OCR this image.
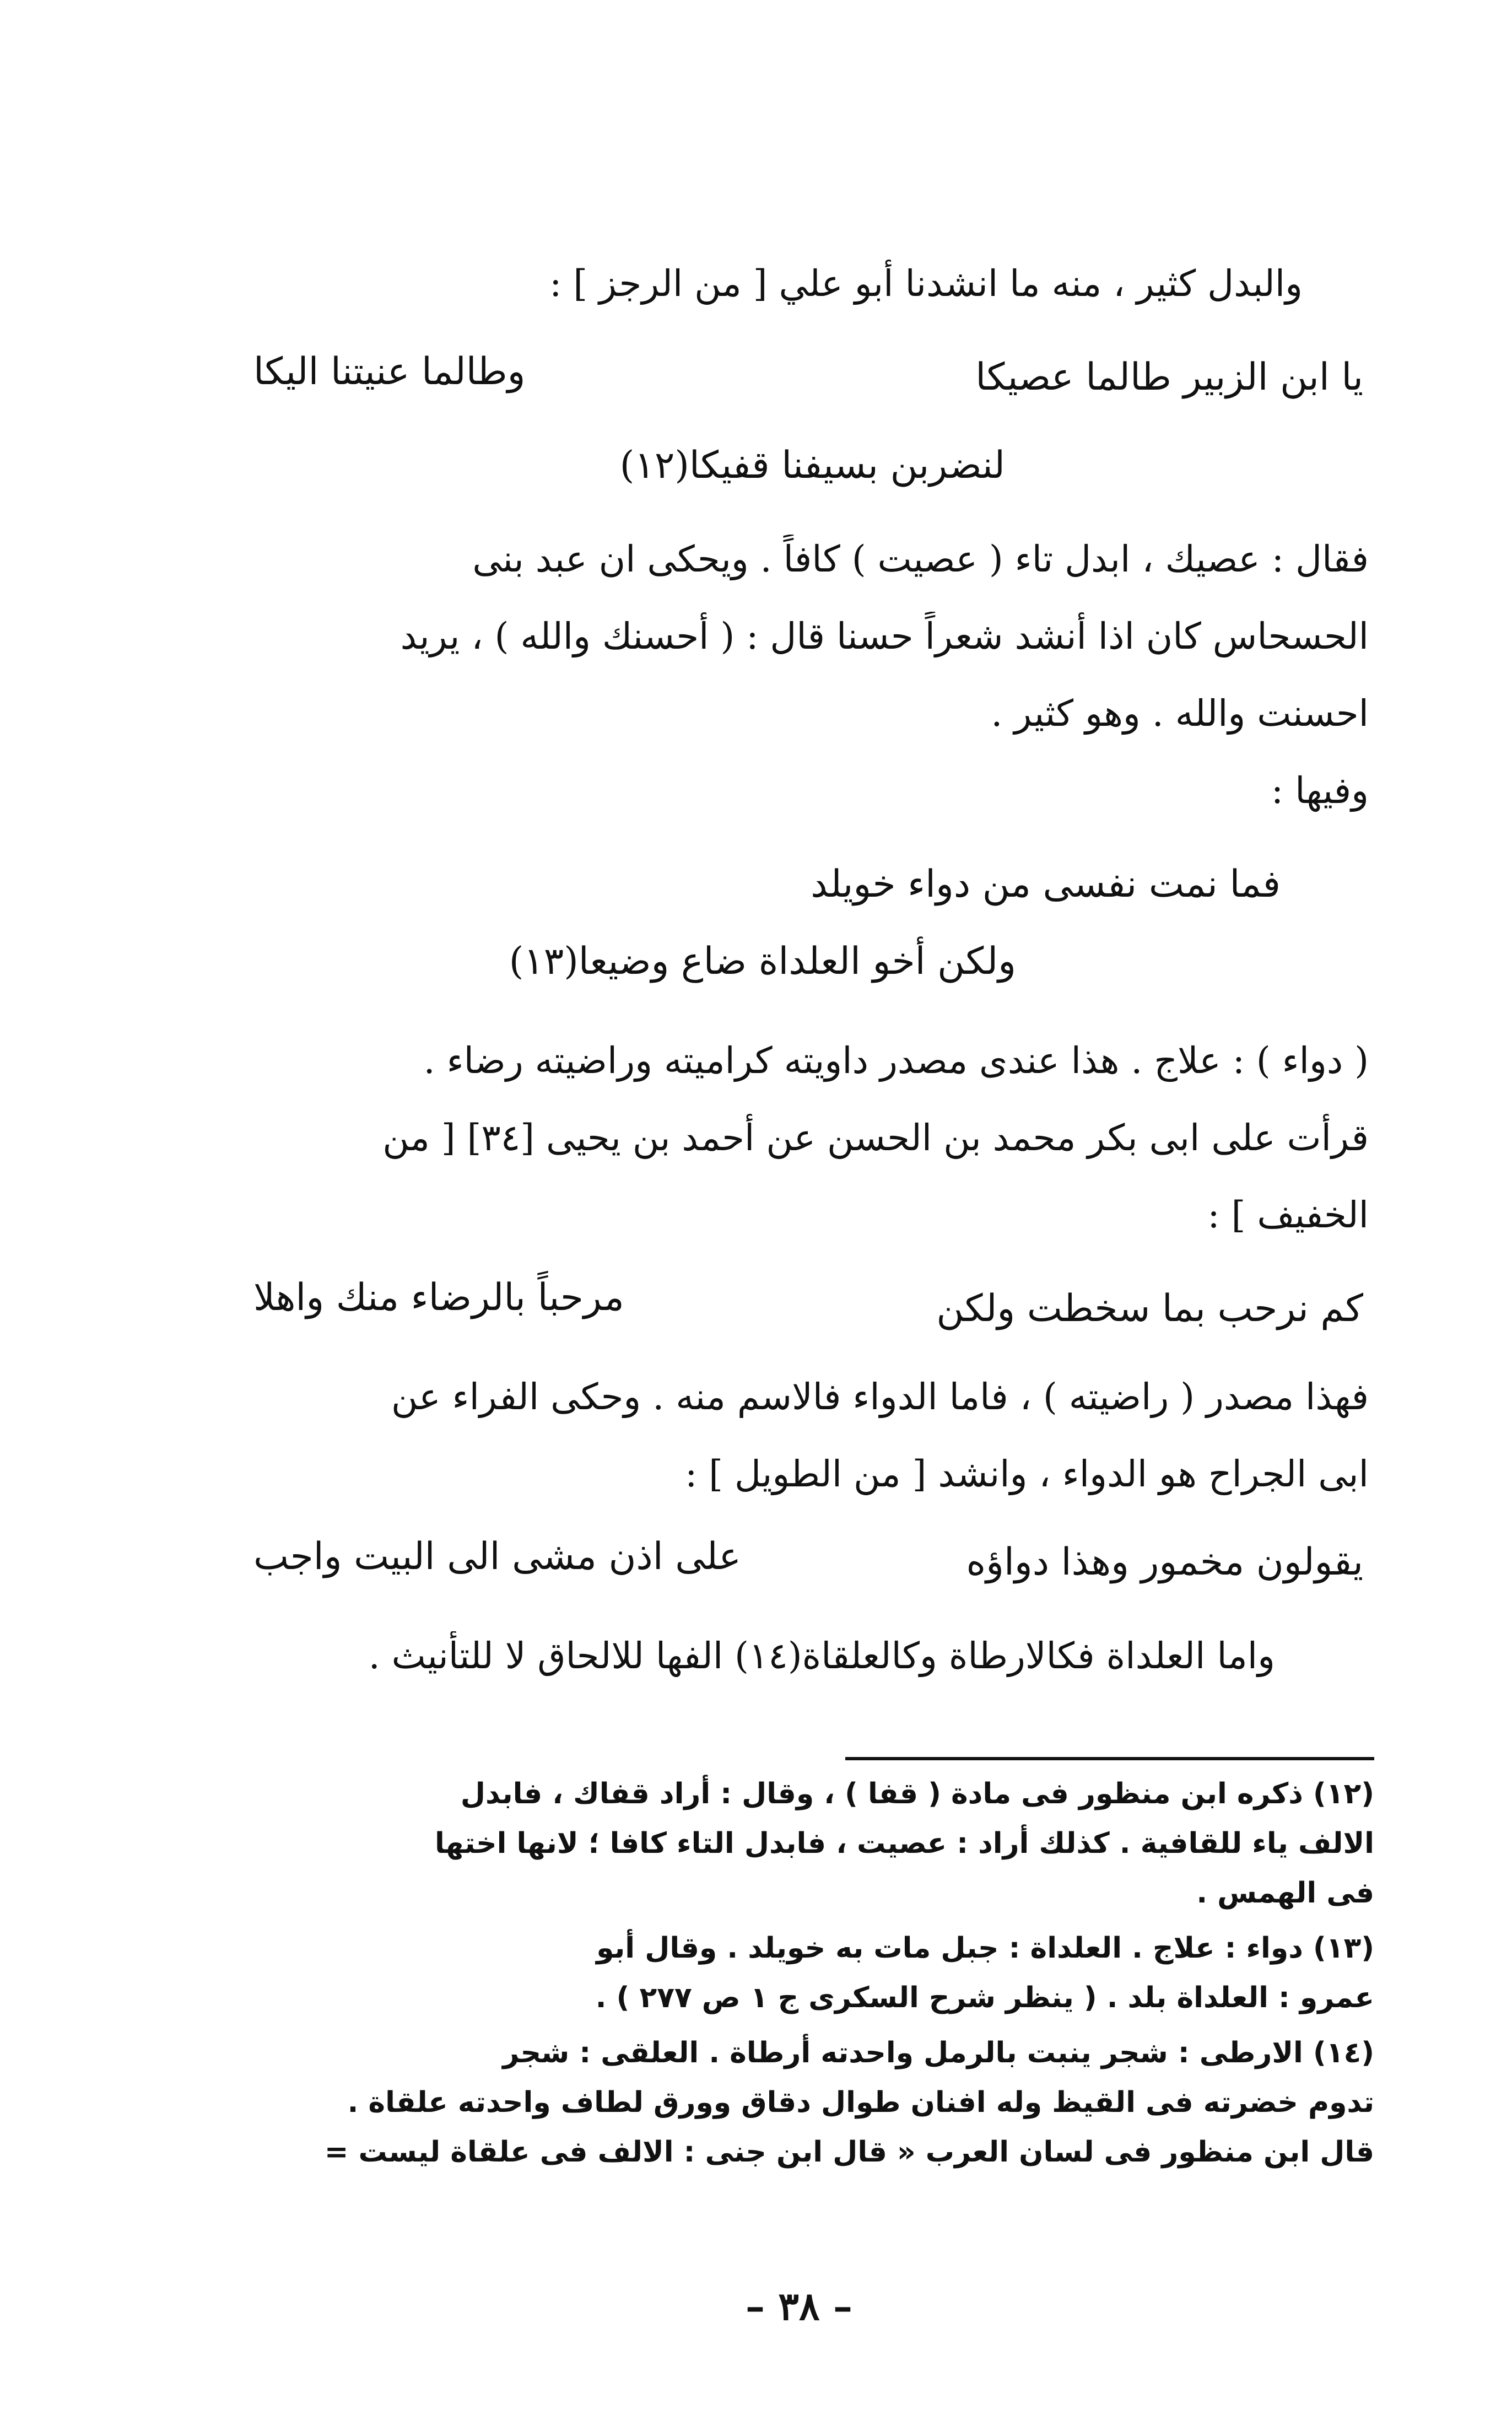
والبدل كثير ، منه ما انشدنا أبو علي [ من الرجز ] :
يا ابن الزبير طالما عصيكا
وطالما عنيتنا اليكا
لنضربن بسيفنا قفيكا(١٢)
فقال : عصيك ، ابدل تاء ( عصيت ) كافاً . ويحكى ان عبد بنى
الحسحاس كان اذا أنشد شعراً حسنا قال : ( أحسنك والله ) ، يريد
احسنت والله . وهو كثير .
وفيها :
فما نمت نفسى من دواء خويلد
ولكن أخو العلداة ضاع وضيعا(١٣)
( دواء ) : علاج . هذا عندى مصدر داويته كراميته وراضيته رضاء .
قرأت على ابى بكر محمد بن الحسن عن أحمد بن يحيى [٣٤] [ من
الخفيف ] :
كم نرحب بما سخطت ولكن
مرحباً بالرضاء منك واهلا
فهذا مصدر ( راضيته ) ، فاما الدواء فالاسم منه . وحكى الفراء عن
ابى الجراح هو الدواء ، وانشد [ من الطويل ] :
يقولون مخمور وهذا دواؤه
على اذن مشى الى البيت واجب
واما العلداة فكالارطاة وكالعلقاة(١٤) الفها للالحاق لا للتأنيث .
(١٢) ذكره ابن منظور فى مادة ( قفا ) ، وقال : أراد قفاك ، فابدل
الالف ياء للقافية . كذلك أراد : عصيت ، فابدل التاء كافا ؛ لانها اختها
فى الهمس .
(١٣) دواء : علاج . العلداة : جبل مات به خويلد . وقال أبو
عمرو : العلداة بلد . ( ينظر شرح السكرى ج ١ ص ٢٧٧ ) .
(١٤) الارطى : شجر ينبت بالرمل واحدته أرطاة . العلقى : شجر
تدوم خضرته فى القيظ وله افنان طوال دقاق وورق لطاف واحدته علقاة .
قال ابن منظور فى لسان العرب « قال ابن جنى : الالف فى علقاة ليست =
– ٣٨ –
